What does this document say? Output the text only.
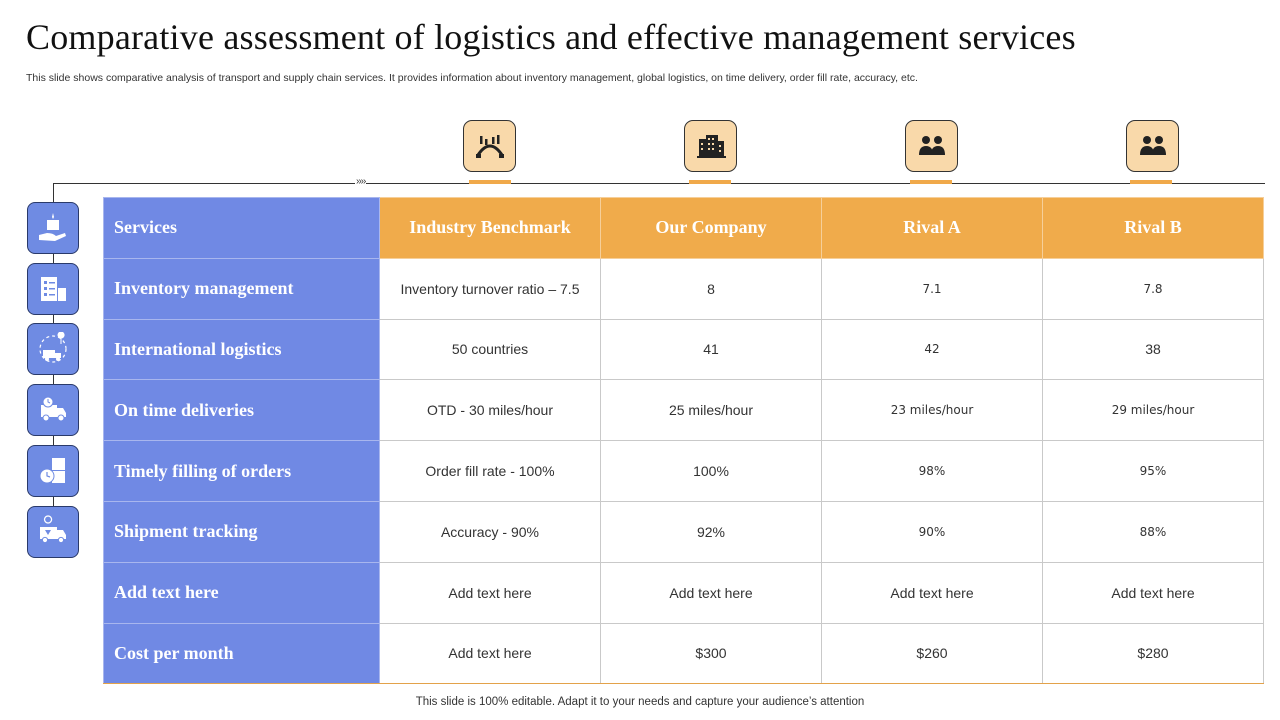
Comparative assessment of logistics and effective management services
This slide shows comparative analysis of transport and supply chain services. It provides information about inventory management, global logistics, on time delivery, order fill rate, accuracy, etc.
››››
Services	Industry Benchmark	Our Company	Rival A	Rival B
Inventory management	Inventory turnover ratio – 7.5	8	7.1	7.8
International logistics	50 countries	41	42	38
On time deliveries	OTD - 30 miles/hour	25 miles/hour	23 miles/hour	29 miles/hour
Timely filling of orders	Order fill rate - 100%	100%	98%	95%
Shipment tracking	Accuracy - 90%	92%	90%	88%
Add text here	Add text here	Add text here	Add text here	Add text here
Cost per month	Add text here	$300	$260	$280
This slide is 100% editable. Adapt it to your needs and capture your audience’s attention
